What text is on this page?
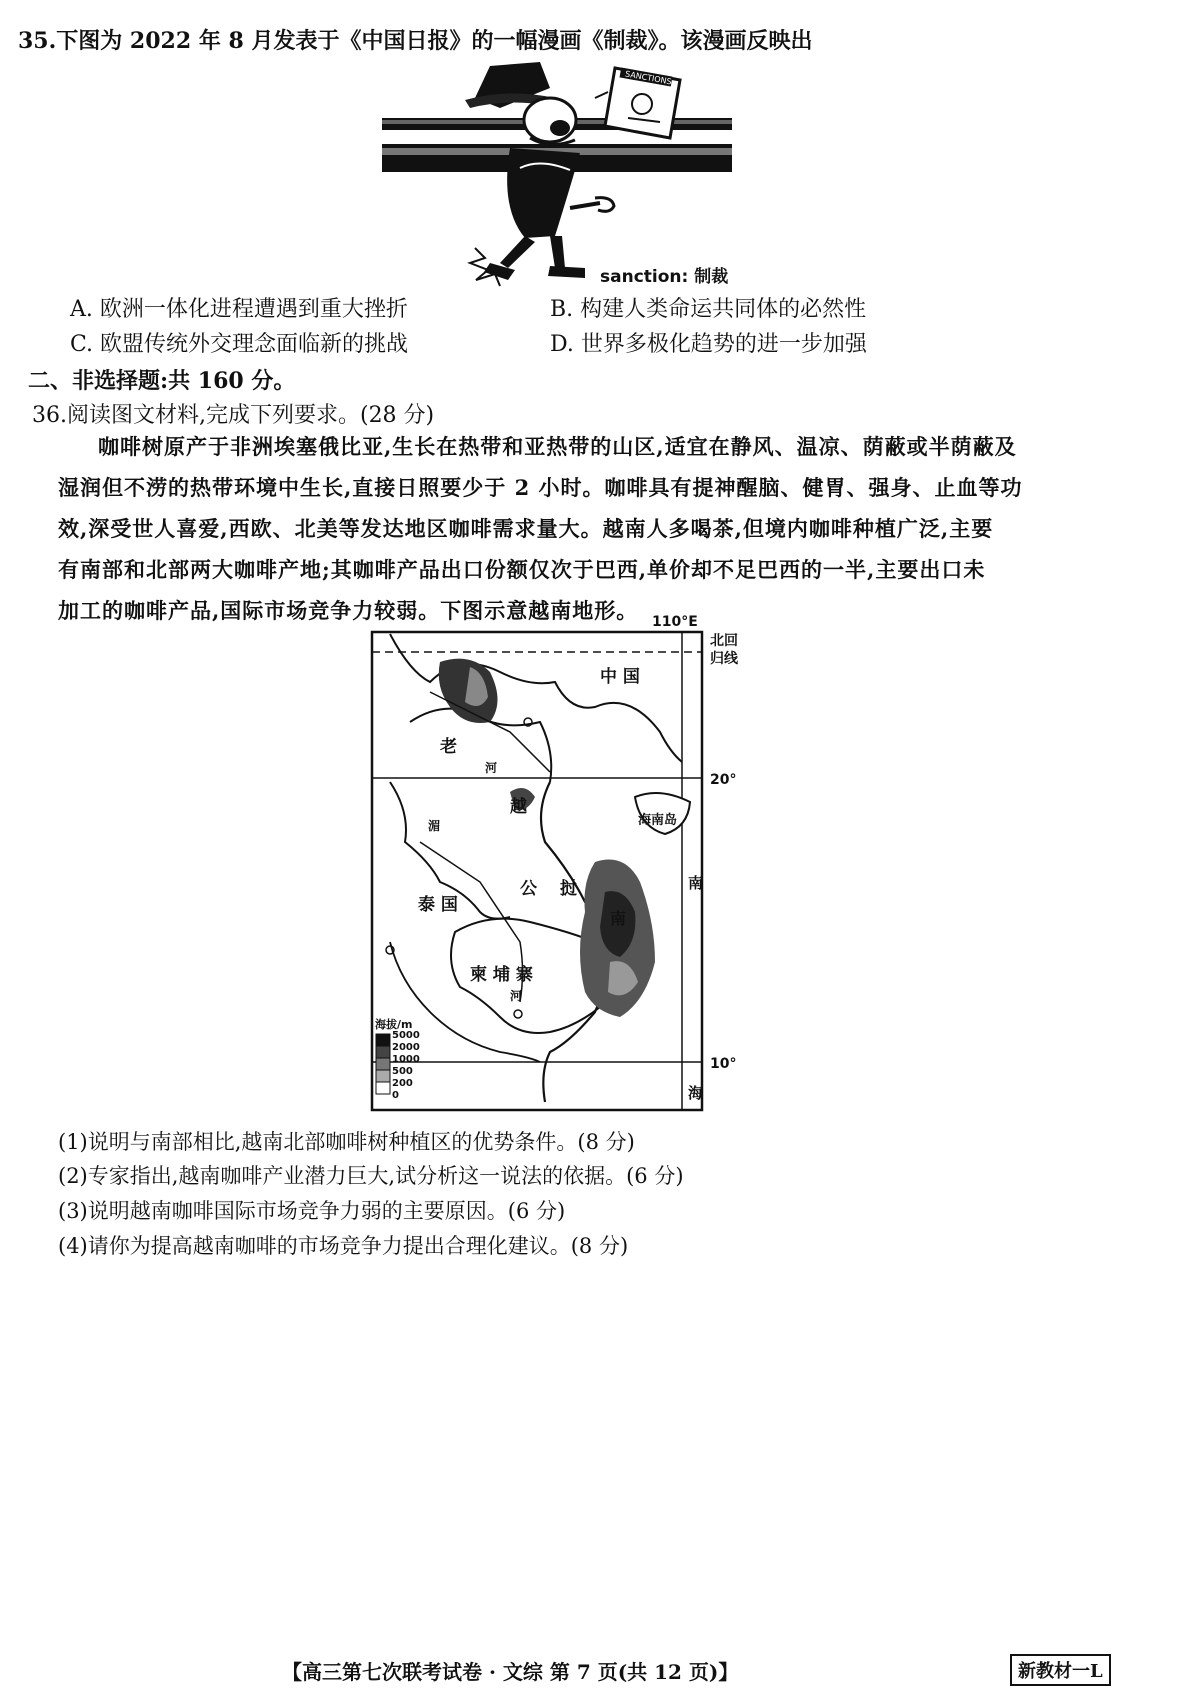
35.下图为 2022 年 8 月发表于《中国日报》的一幅漫画《制裁》。该漫画反映出
SANCTIONS
sanction: 制裁
A. 欧洲一体化进程遭遇到重大挫折	B. 构建人类命运共同体的必然性
C. 欧盟传统外交理念面临新的挑战	D. 世界多极化趋势的进一步加强
二、非选择题:共 160 分。
36.阅读图文材料,完成下列要求。(28 分)
咖啡树原产于非洲埃塞俄比亚,生长在热带和亚热带的山区,适宜在静风、温凉、荫蔽或半荫蔽及
湿润但不涝的热带环境中生长,直接日照要少于 2 小时。咖啡具有提神醒脑、健胃、强身、止血等功
效,深受世人喜爱,西欧、北美等发达地区咖啡需求量大。越南人多喝茶,但境内咖啡种植广泛,主要
有南部和北部两大咖啡产地;其咖啡产品出口份额仅次于巴西,单价却不足巴西的一半,主要出口未
加工的咖啡产品,国际市场竞争力较弱。下图示意越南地形。 110°E
北回
归线
20°
10°
中 国
海南岛
老
越
挝
公
泰 国
南
海
柬 埔 寨
河
湄
河
南
海拔/m
5000
2000
1000
500
200
0
(1)说明与南部相比,越南北部咖啡树种植区的优势条件。(8 分)
(2)专家指出,越南咖啡产业潜力巨大,试分析这一说法的依据。(6 分)
(3)说明越南咖啡国际市场竞争力弱的主要原因。(6 分)
(4)请你为提高越南咖啡的市场竞争力提出合理化建议。(8 分)
【高三第七次联考试卷 · 文综 第 7 页(共 12 页)】	新教材一L
